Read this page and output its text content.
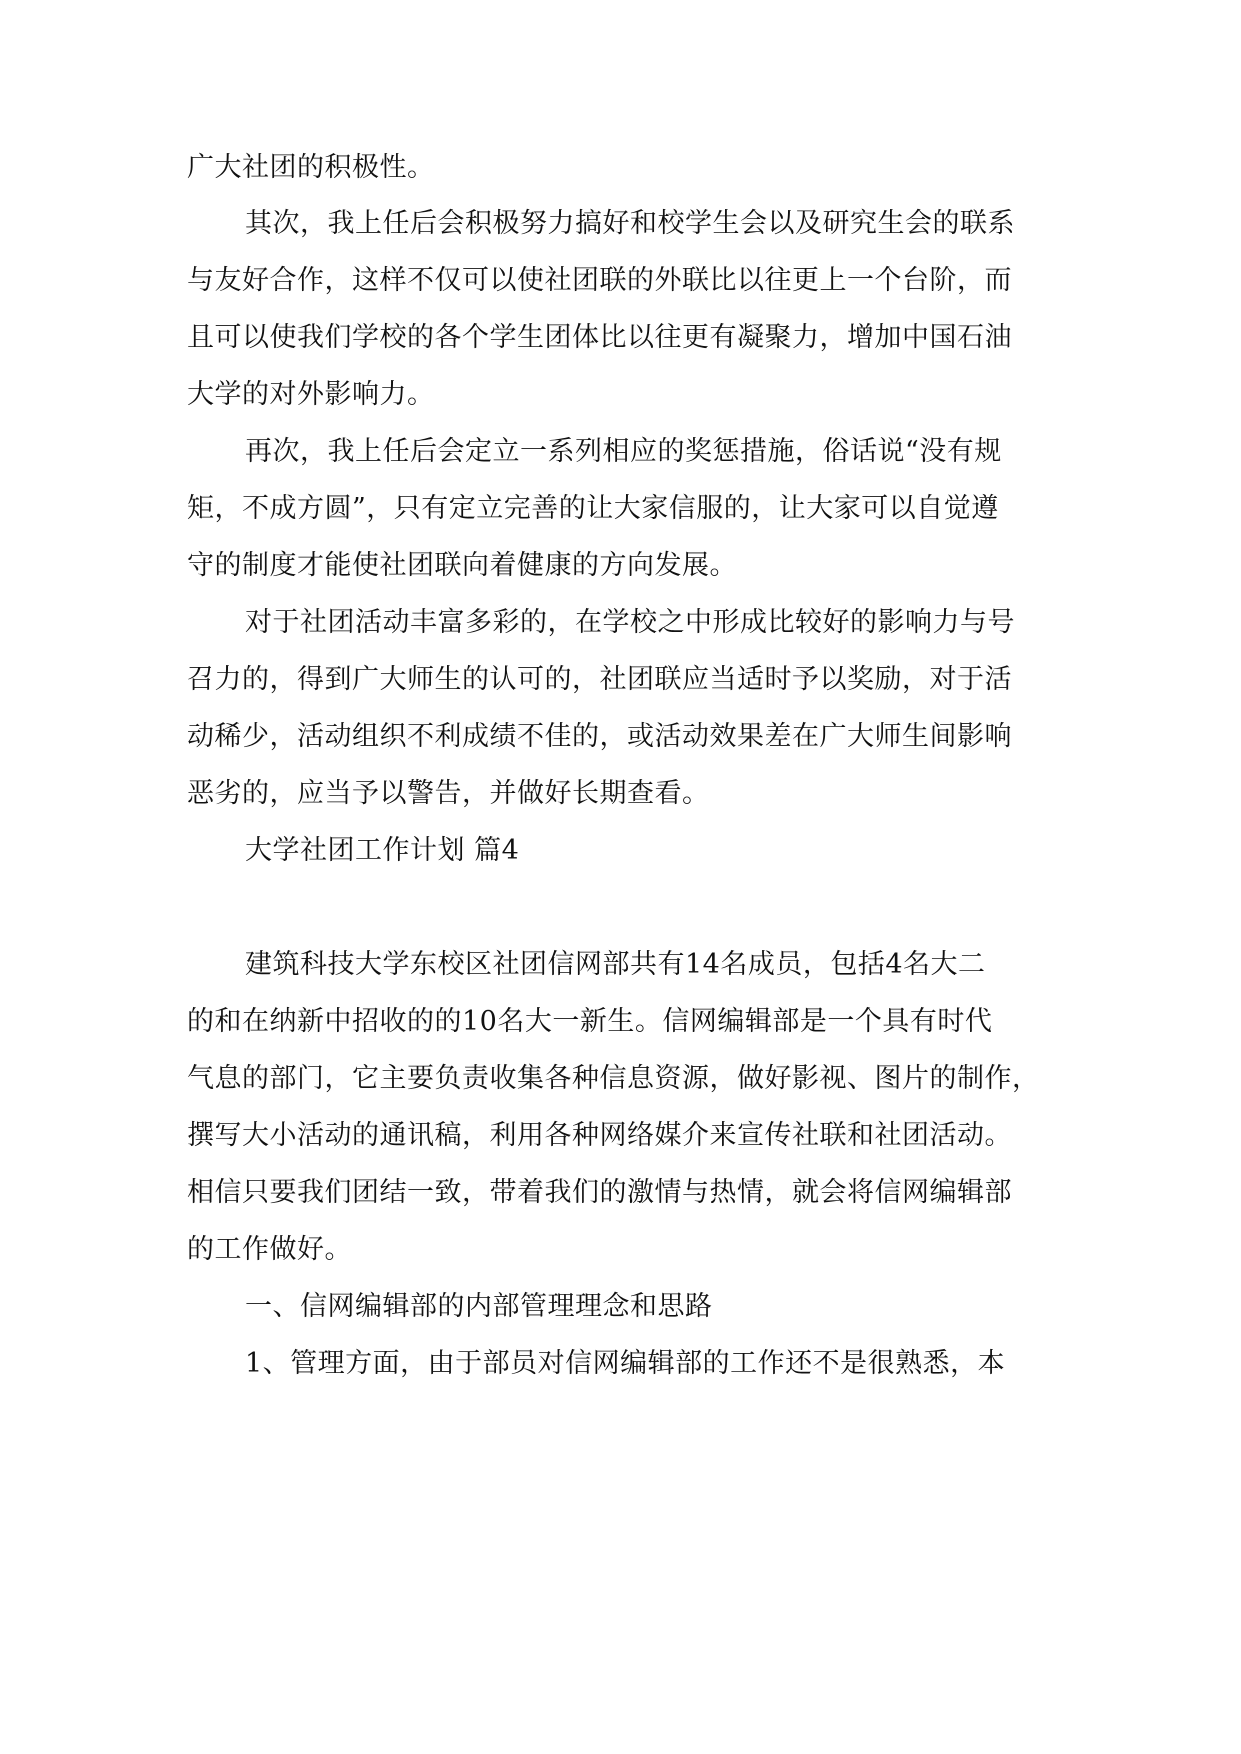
广大社团的积极性。
其次，我上任后会积极努力搞好和校学生会以及研究生会的联系
与友好合作，这样不仅可以使社团联的外联比以往更上一个台阶，而
且可以使我们学校的各个学生团体比以往更有凝聚力，增加中国石油
大学的对外影响力。
再次，我上任后会定立一系列相应的奖惩措施，俗话说“没有规
矩，不成方圆”，只有定立完善的让大家信服的，让大家可以自觉遵
守的制度才能使社团联向着健康的方向发展。
对于社团活动丰富多彩的，在学校之中形成比较好的影响力与号
召力的，得到广大师生的认可的，社团联应当适时予以奖励，对于活
动稀少，活动组织不利成绩不佳的，或活动效果差在广大师生间影响
恶劣的，应当予以警告，并做好长期查看。
大学社团工作计划 篇4
建筑科技大学东校区社团信网部共有14名成员，包括4名大二
的和在纳新中招收的的10名大一新生。信网编辑部是一个具有时代
气息的部门，它主要负责收集各种信息资源，做好影视、图片的制作，
撰写大小活动的通讯稿，利用各种网络媒介来宣传社联和社团活动。
相信只要我们团结一致，带着我们的激情与热情，就会将信网编辑部
的工作做好。
一、信网编辑部的内部管理理念和思路
1、管理方面，由于部员对信网编辑部的工作还不是很熟悉，本
